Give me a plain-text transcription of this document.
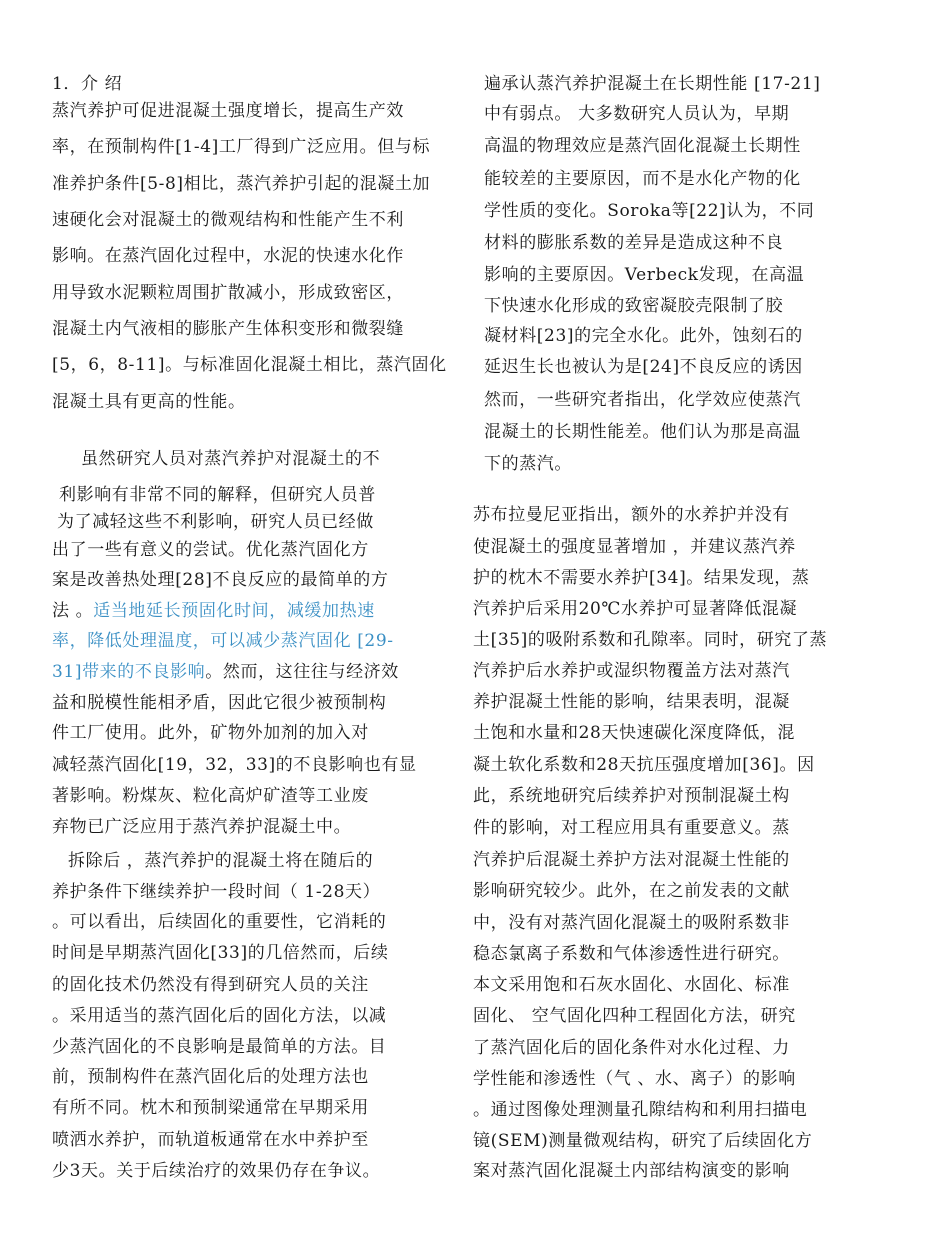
1．介 绍
蒸汽养护可促进混凝土强度增长，提高生产效
率，在预制构件[1-4]工厂得到广泛应用。但与标
准养护条件[5-8]相比，蒸汽养护引起的混凝土加
速硬化会对混凝土的微观结构和性能产生不利
影响。在蒸汽固化过程中，水泥的快速水化作
用导致水泥颗粒周围扩散减小，形成致密区，
混凝土内气液相的膨胀产生体积变形和微裂缝
[5，6，8-11]。与标准固化混凝土相比，蒸汽固化
混凝土具有更高的性能。
虽然研究人员对蒸汽养护对混凝土的不
利影响有非常不同的解释，但研究人员普
为了减轻这些不利影响，研究人员已经做
出了一些有意义的尝试。优化蒸汽固化方
案是改善热处理[28]不良反应的最简单的方
法 。适当地延长预固化时间，减缓加热速
率，降低处理温度，可以减少蒸汽固化 [29-
31]带来的不良影响。然而，这往往与经济效
益和脱模性能相矛盾，因此它很少被预制构
件工厂使用。此外，矿物外加剂的加入对
减轻蒸汽固化[19，32，33]的不良影响也有显
著影响。粉煤灰、粒化高炉矿渣等工业废
弃物已广泛应用于蒸汽养护混凝土中。
拆除后 ，蒸汽养护的混凝土将在随后的
养护条件下继续养护一段时间（ 1-28天）
。可以看出，后续固化的重要性，它消耗的
时间是早期蒸汽固化[33]的几倍然而，后续
的固化技术仍然没有得到研究人员的关注
。采用适当的蒸汽固化后的固化方法，以减
少蒸汽固化的不良影响是最简单的方法。目
前，预制构件在蒸汽固化后的处理方法也
有所不同。枕木和预制梁通常在早期采用
喷洒水养护，而轨道板通常在水中养护至
少3天。关于后续治疗的效果仍存在争议。
遍承认蒸汽养护混凝土在长期性能 [17-21]
中有弱点。 大多数研究人员认为，早期
高温的物理效应是蒸汽固化混凝土长期性
能较差的主要原因，而不是水化产物的化
学性质的变化。Soroka等[22]认为，不同
材料的膨胀系数的差异是造成这种不良
影响的主要原因。Verbeck发现，在高温
下快速水化形成的致密凝胶壳限制了胶
凝材料[23]的完全水化。此外，蚀刻石的
延迟生长也被认为是[24]不良反应的诱因
然而，一些研究者指出，化学效应使蒸汽
混凝土的长期性能差。他们认为那是高温
下的蒸汽。
苏布拉曼尼亚指出，额外的水养护并没有
使混凝土的强度显著增加 ，并建议蒸汽养
护的枕木不需要水养护[34]。结果发现，蒸
汽养护后采用20℃水养护可显著降低混凝
土[35]的吸附系数和孔隙率。同时，研究了蒸
汽养护后水养护或湿织物覆盖方法对蒸汽
养护混凝土性能的影响，结果表明，混凝
土饱和水量和28天快速碳化深度降低，混
凝土软化系数和28天抗压强度增加[36]。因
此，系统地研究后续养护对预制混凝土构
件的影响，对工程应用具有重要意义。蒸
汽养护后混凝土养护方法对混凝土性能的
影响研究较少。此外，在之前发表的文献
中，没有对蒸汽固化混凝土的吸附系数非
稳态氯离子系数和气体渗透性进行研究。
本文采用饱和石灰水固化、水固化、标准
固化、 空气固化四种工程固化方法，研究
了蒸汽固化后的固化条件对水化过程、力
学性能和渗透性（气 、水、离子）的影响
。通过图像处理测量孔隙结构和利用扫描电
镜(SEM)测量微观结构，研究了后续固化方
案对蒸汽固化混凝土内部结构演变的影响
